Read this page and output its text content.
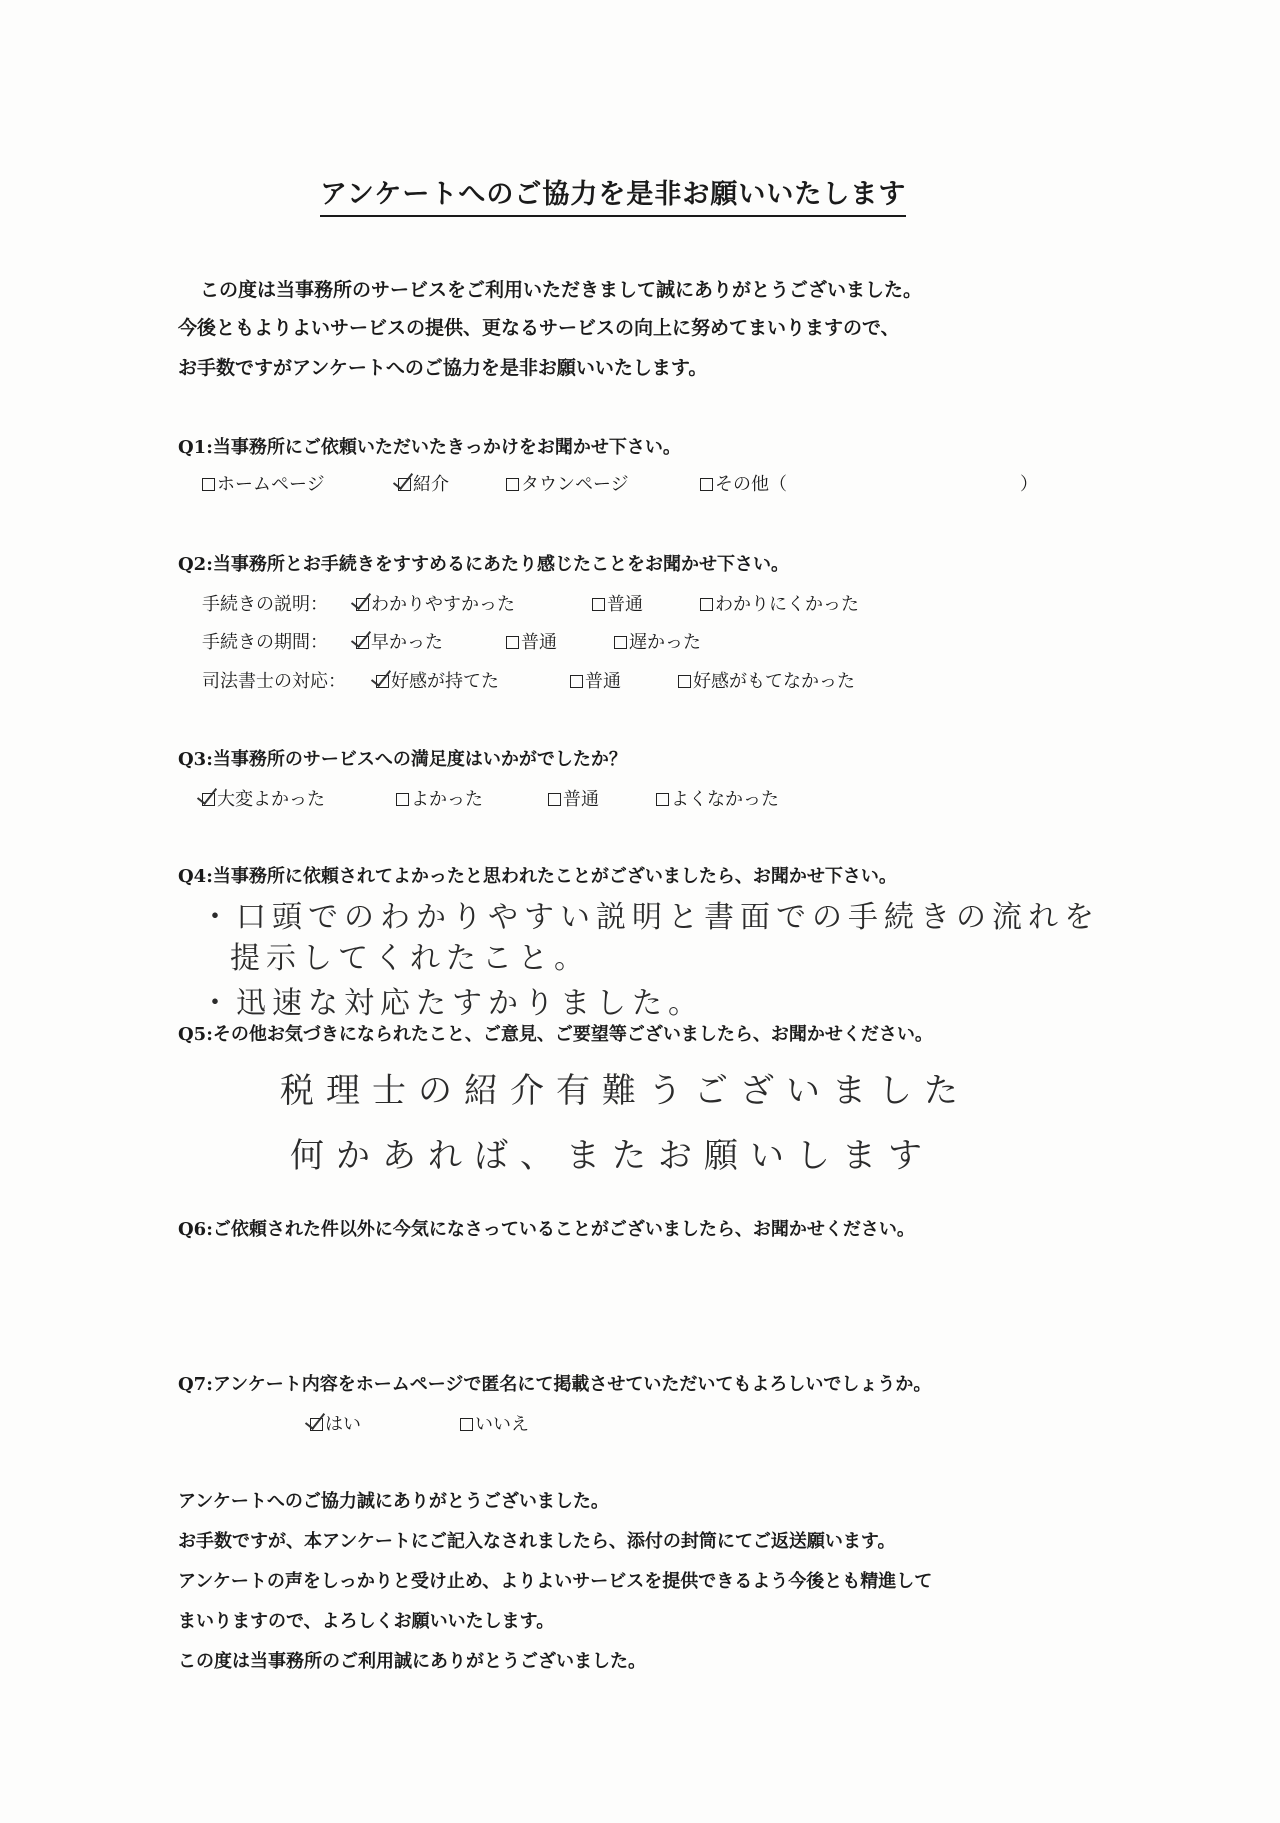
アンケートへのご協力を是非お願いいたします
この度は当事務所のサービスをご利用いただきまして誠にありがとうございました。
今後ともよりよいサービスの提供、更なるサービスの向上に努めてまいりますので、
お手数ですがアンケートへのご協力を是非お願いいたします。
Q1:当事務所にご依頼いただいたきっかけをお聞かせ下さい。
ホームページ	紹介	タウンページ	その他（	）
Q2:当事務所とお手続きをすすめるにあたり感じたことをお聞かせ下さい。
手続きの説明：	わかりやすかった	普通	わかりにくかった
手続きの期間：	早かった	普通	遅かった
司法書士の対応：	好感が持てた	普通	好感がもてなかった
Q3:当事務所のサービスへの満足度はいかがでしたか？
大変よかった	よかった	普通	よくなかった
Q4:当事務所に依頼されてよかったと思われたことがございましたら、お聞かせ下さい。
・口頭でのわかりやすい説明と書面での手続きの流れを
提示してくれたこと。
・迅速な対応たすかりました。
Q5:その他お気づきになられたこと、ご意見、ご要望等ございましたら、お聞かせください。
税理士の紹介有難うございました
何かあれば、またお願いします
Q6:ご依頼された件以外に今気になさっていることがございましたら、お聞かせください。
Q7:アンケート内容をホームページで匿名にて掲載させていただいてもよろしいでしょうか。
はい	いいえ
アンケートへのご協力誠にありがとうございました。
お手数ですが、本アンケートにご記入なされましたら、添付の封筒にてご返送願います。
アンケートの声をしっかりと受け止め、よりよいサービスを提供できるよう今後とも精進して
まいりますので、よろしくお願いいたします。
この度は当事務所のご利用誠にありがとうございました。
